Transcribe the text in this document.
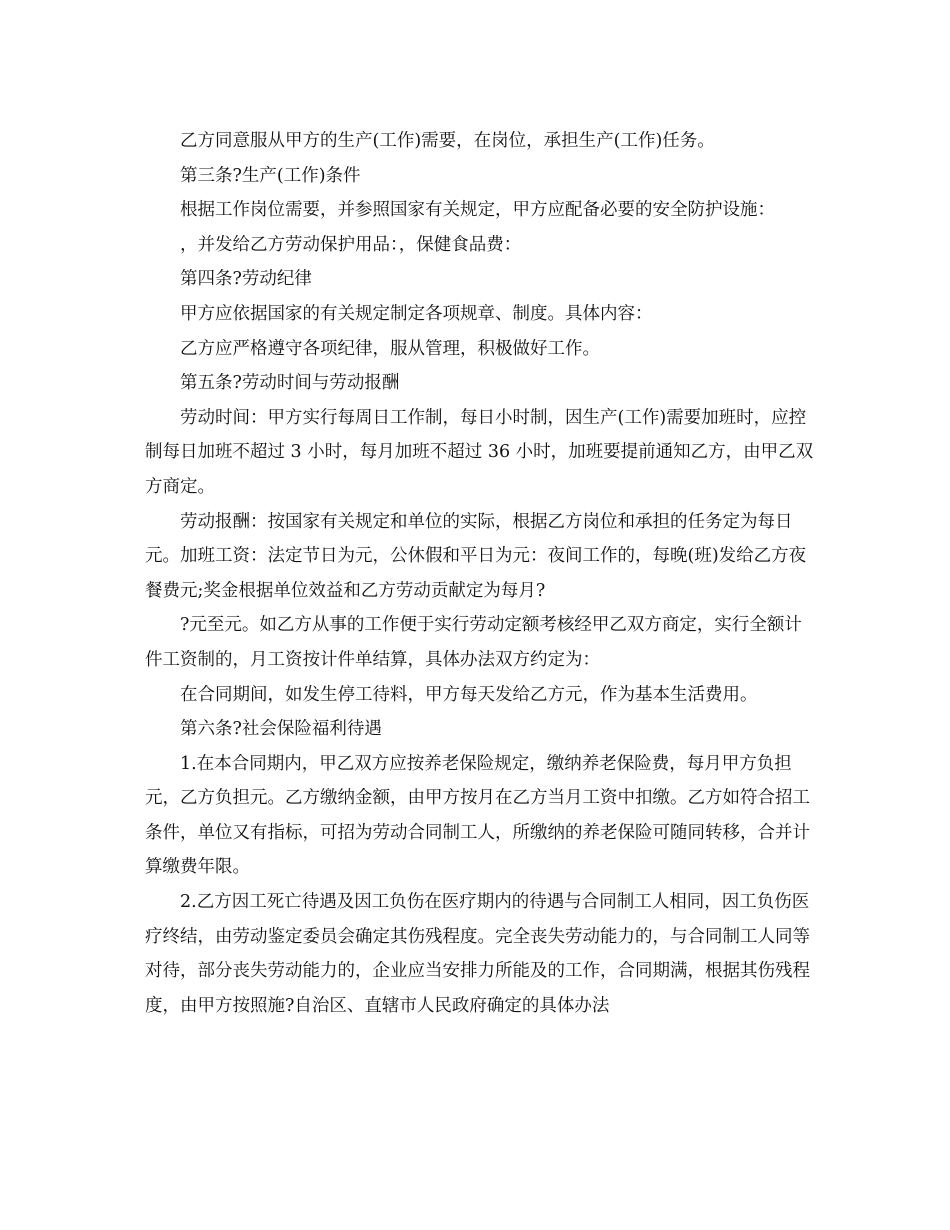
乙方同意服从甲方的生产(工作)需要，在岗位，承担生产(工作)任务。

第三条?生产(工作)条件

根据工作岗位需要，并参照国家有关规定，甲方应配备必要的安全防护设施：

，并发给乙方劳动保护用品：，保健食品费：

第四条?劳动纪律

甲方应依据国家的有关规定制定各项规章、制度。具体内容：

乙方应严格遵守各项纪律，服从管理，积极做好工作。

第五条?劳动时间与劳动报酬

劳动时间：甲方实行每周日工作制，每日小时制，因生产(工作)需要加班时，应控制每日加班不超过 3 小时，每月加班不超过 36 小时，加班要提前通知乙方，由甲乙双方商定。

劳动报酬：按国家有关规定和单位的实际，根据乙方岗位和承担的任务定为每日元。加班工资：法定节日为元，公休假和平日为元：夜间工作的，每晚(班)发给乙方夜餐费元;奖金根据单位效益和乙方劳动贡献定为每月?

?元至元。如乙方从事的工作便于实行劳动定额考核经甲乙双方商定，实行全额计件工资制的，月工资按计件单结算，具体办法双方约定为：

在合同期间，如发生停工待料，甲方每天发给乙方元，作为基本生活费用。

第六条?社会保险福利待遇

1.在本合同期内，甲乙双方应按养老保险规定，缴纳养老保险费，每月甲方负担元，乙方负担元。乙方缴纳金额，由甲方按月在乙方当月工资中扣缴。乙方如符合招工条件，单位又有指标，可招为劳动合同制工人，所缴纳的养老保险可随同转移，合并计算缴费年限。

2.乙方因工死亡待遇及因工负伤在医疗期内的待遇与合同制工人相同，因工负伤医疗终结，由劳动鉴定委员会确定其伤残程度。完全丧失劳动能力的，与合同制工人同等对待，部分丧失劳动能力的，企业应当安排力所能及的工作，合同期满，根据其伤残程度，由甲方按照施?自治区、直辖市人民政府确定的具体办法
